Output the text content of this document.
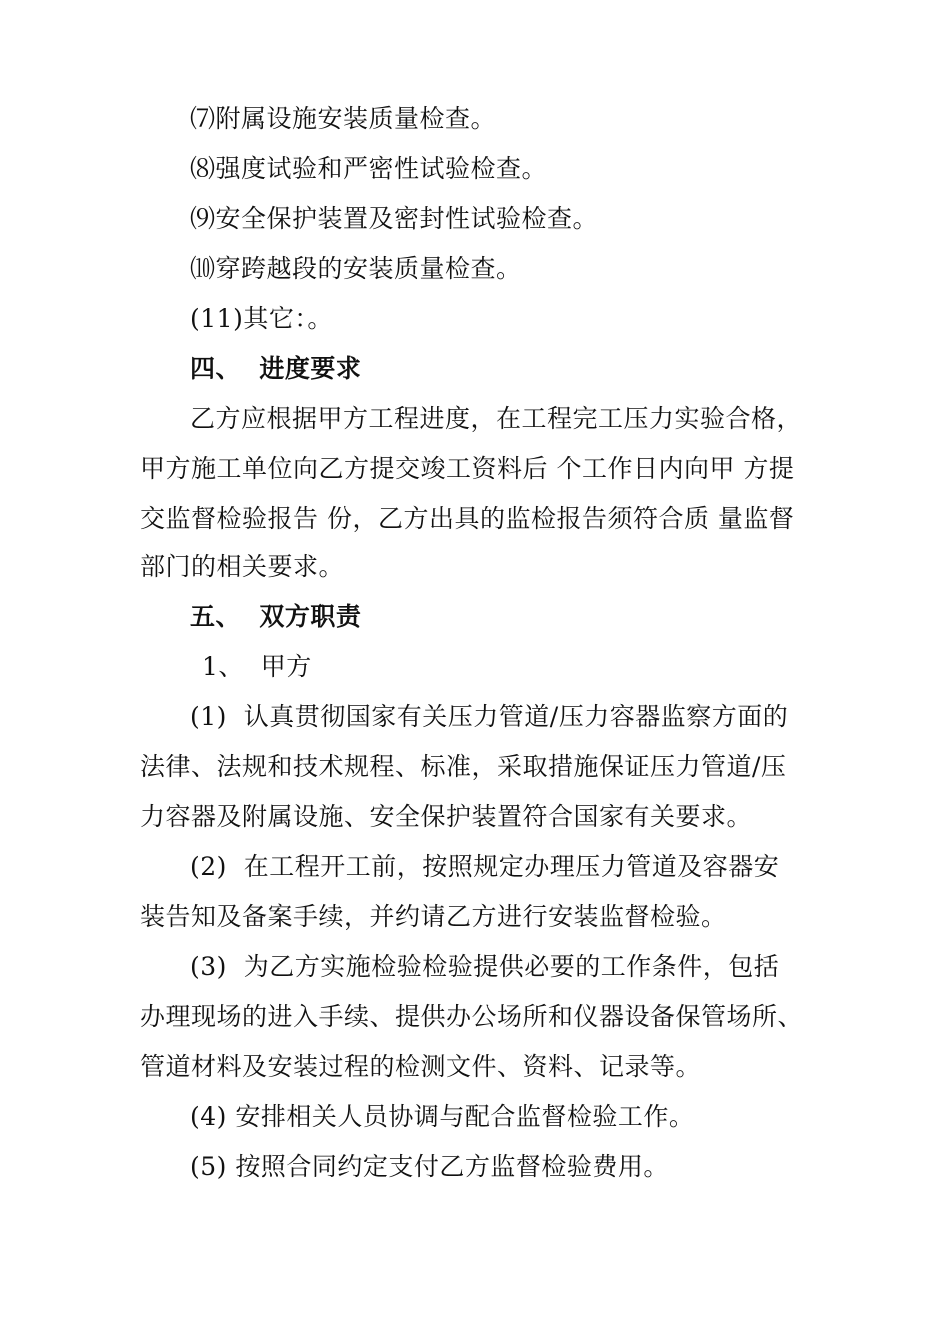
⑺附属设施安装质量检查。
⑻强度试验和严密性试验检查。
⑼安全保护装置及密封性试验检查。
⑽穿跨越段的安装质量检查。
(11)其它：。
四、  进度要求
乙方应根据甲方工程进度，在工程完工压力实验合格，
甲方施工单位向乙方提交竣工资料后 个工作日内向甲 方提
交监督检验报告 份，乙方出具的监检报告须符合质 量监督
部门的相关要求。
五、  双方职责
1、  甲方
(1)  认真贯彻国家有关压力管道/压力容器监察方面的
法律、法规和技术规程、标准，采取措施保证压力管道/压
力容器及附属设施、安全保护装置符合国家有关要求。
(2)  在工程开工前，按照规定办理压力管道及容器安
装告知及备案手续，并约请乙方进行安装监督检验。
(3)  为乙方实施检验检验提供必要的工作条件，包括
办理现场的进入手续、提供办公场所和仪器设备保管场所、
管道材料及安装过程的检测文件、资料、记录等。
(4) 安排相关人员协调与配合监督检验工作。
(5) 按照合同约定支付乙方监督检验费用。
